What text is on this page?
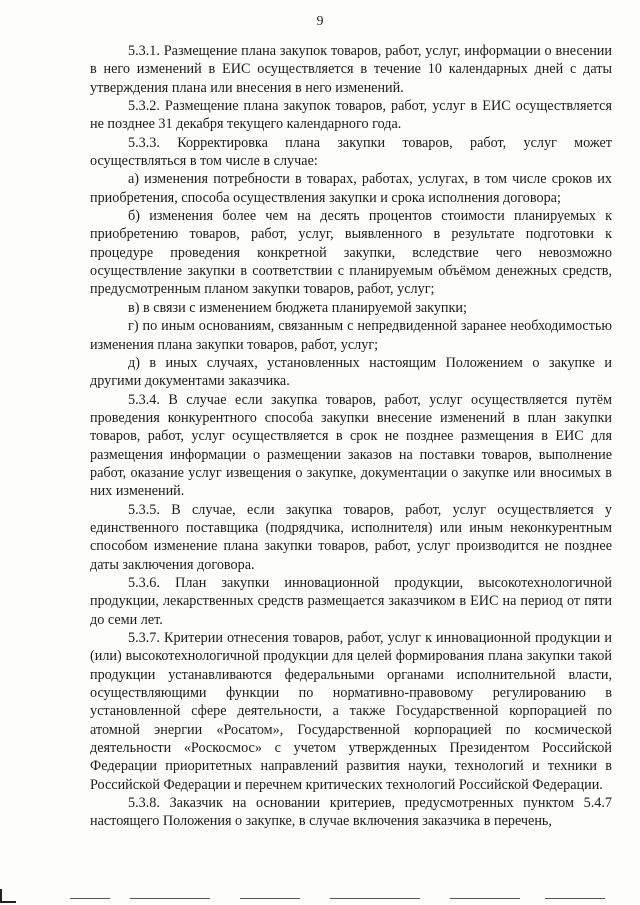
9

5.3.1. Размещение плана закупок товаров, работ, услуг, информации о внесении в него изменений в ЕИС осуществляется в течение 10 календарных дней с даты утверждения плана или внесения в него изменений.

5.3.2. Размещение плана закупок товаров, работ, услуг в ЕИС осуществляется не позднее 31 декабря текущего календарного года.

5.3.3. Корректировка плана закупки товаров, работ, услуг может осуществляться в том числе в случае:

а) изменения потребности в товарах, работах, услугах, в том числе сроков их приобретения, способа осуществления закупки и срока исполнения договора;

б) изменения более чем на десять процентов стоимости планируемых к приобретению товаров, работ, услуг, выявленного в результате подготовки к процедуре проведения конкретной закупки, вследствие чего невозможно осуществление закупки в соответствии с планируемым объёмом денежных средств, предусмотренным планом закупки товаров, работ, услуг;

в) в связи с изменением бюджета планируемой закупки;

г) по иным основаниям, связанным с непредвиденной заранее необходимостью изменения плана закупки товаров, работ, услуг;

д) в иных случаях, установленных настоящим Положением о закупке и другими документами заказчика.

5.3.4. В случае если закупка товаров, работ, услуг осуществляется путём проведения конкурентного способа закупки внесение изменений в план закупки товаров, работ, услуг осуществляется в срок не позднее размещения в ЕИС для размещения информации о размещении заказов на поставки товаров, выполнение работ, оказание услуг извещения о закупке, документации о закупке или вносимых в них изменений.

5.3.5. В случае, если закупка товаров, работ, услуг осуществляется у единственного поставщика (подрядчика, исполнителя) или иным неконкурентным способом изменение плана закупки товаров, работ, услуг производится не позднее даты заключения договора.

5.3.6. План закупки инновационной продукции, высокотехнологичной продукции, лекарственных средств размещается заказчиком в ЕИС на период от пяти до семи лет.

5.3.7. Критерии отнесения товаров, работ, услуг к инновационной продукции и (или) высокотехнологичной продукции для целей формирования плана закупки такой продукции устанавливаются федеральными органами исполнительной власти, осуществляющими функции по нормативно-правовому регулированию в установленной сфере деятельности, а также Государственной корпорацией по атомной энергии «Росатом», Государственной корпорацией по космической деятельности «Роскосмос» с учетом утвержденных Президентом Российской Федерации приоритетных направлений развития науки, технологий и техники в Российской Федерации и перечнем критических технологий Российской Федерации.

5.3.8. Заказчик на основании критериев, предусмотренных пунктом 5.4.7 настоящего Положения о закупке, в случае включения заказчика в перечень,
